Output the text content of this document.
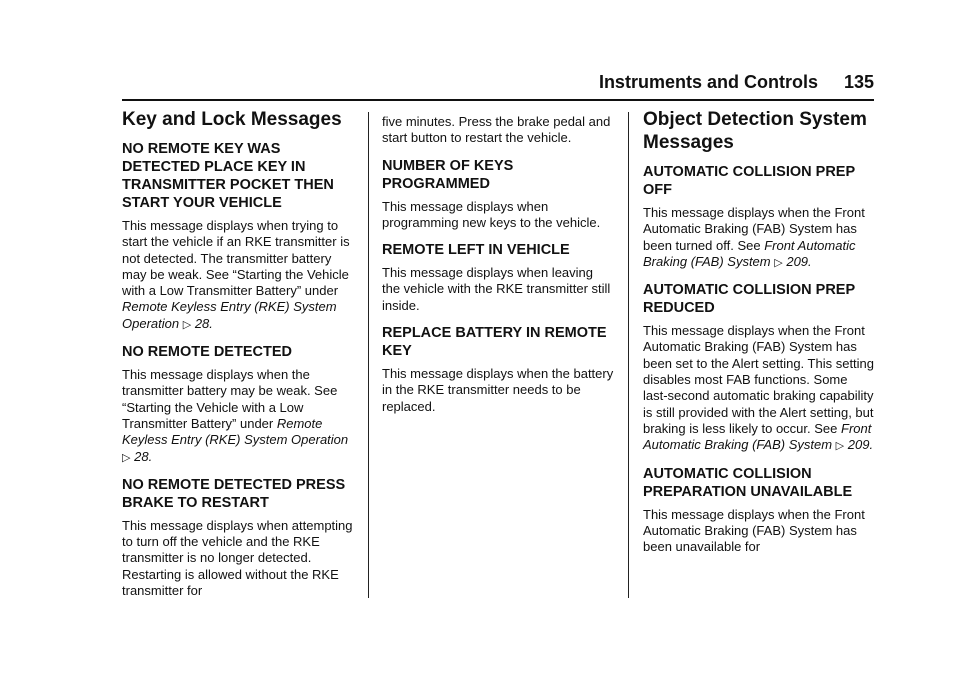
Instruments and Controls 135
Key and Lock Messages
NO REMOTE KEY WAS DETECTED PLACE KEY IN TRANSMITTER POCKET THEN START YOUR VEHICLE

This message displays when trying to start the vehicle if an RKE transmitter is not detected. The transmitter battery may be weak. See “Starting the Vehicle with a Low Transmitter Battery” under Remote Keyless Entry (RKE) System Operation ▷ 28.

NO REMOTE DETECTED

This message displays when the transmitter battery may be weak. See “Starting the Vehicle with a Low Transmitter Battery” under Remote Keyless Entry (RKE) System Operation ▷ 28.

NO REMOTE DETECTED PRESS BRAKE TO RESTART

This message displays when attempting to turn off the vehicle and the RKE transmitter is no longer detected. Restarting is allowed without the RKE transmitter for

five minutes. Press the brake pedal and start button to restart the vehicle.

NUMBER OF KEYS PROGRAMMED

This message displays when programming new keys to the vehicle.

REMOTE LEFT IN VEHICLE

This message displays when leaving the vehicle with the RKE transmitter still inside.

REPLACE BATTERY IN REMOTE KEY

This message displays when the battery in the RKE transmitter needs to be replaced.

Object Detection System Messages
AUTOMATIC COLLISION PREP OFF

This message displays when the Front Automatic Braking (FAB) System has been turned off. See Front Automatic Braking (FAB) System ▷ 209.

AUTOMATIC COLLISION PREP REDUCED

This message displays when the Front Automatic Braking (FAB) System has been set to the Alert setting. This setting disables most FAB functions. Some last-second automatic braking capability is still provided with the Alert setting, but braking is less likely to occur. See Front Automatic Braking (FAB) System ▷ 209.

AUTOMATIC COLLISION PREPARATION UNAVAILABLE

This message displays when the Front Automatic Braking (FAB) System has been unavailable for
